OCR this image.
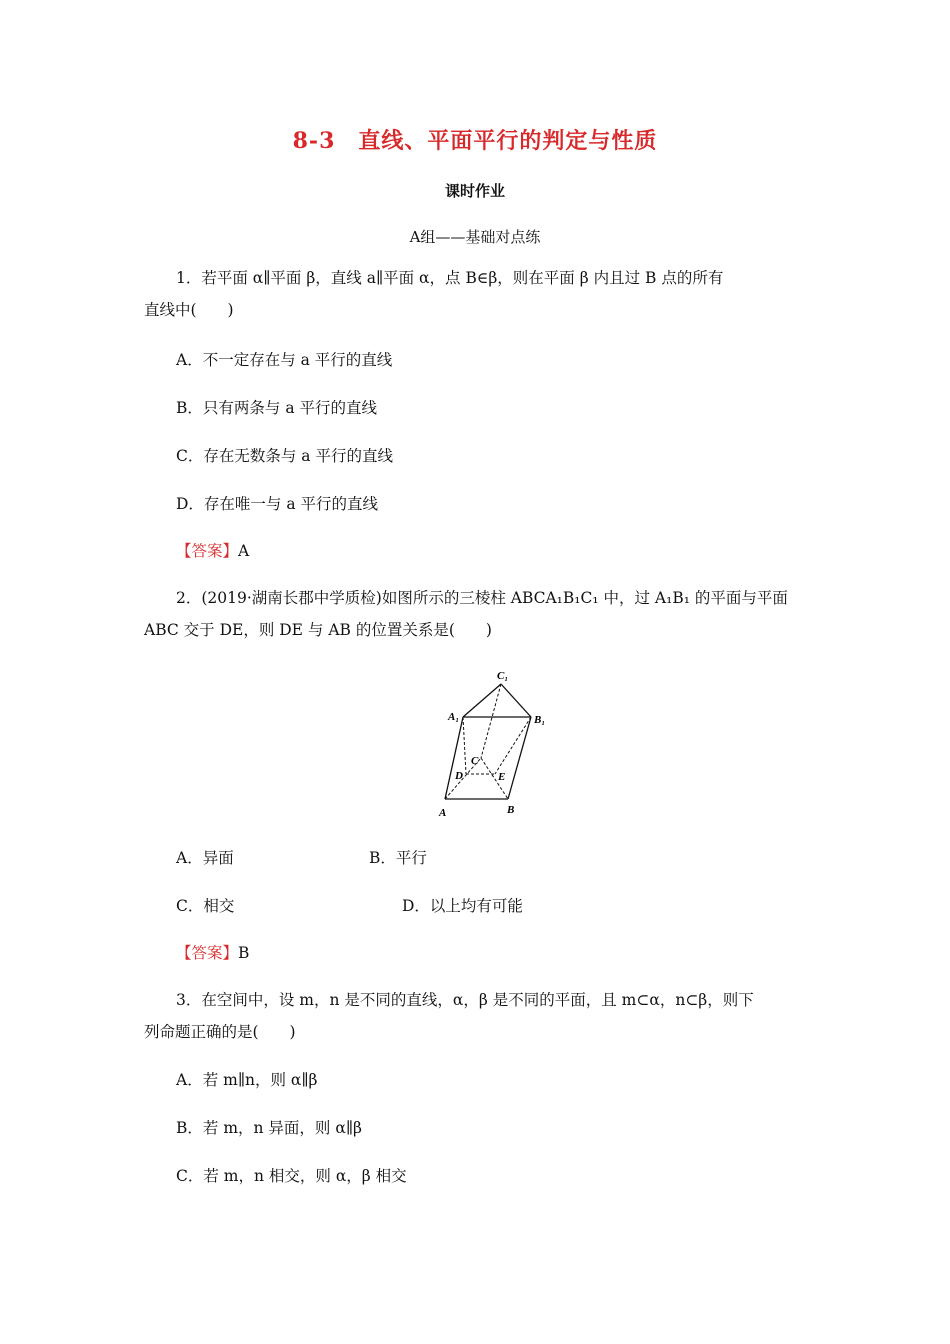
8-3　直线、平面平行的判定与性质
课时作业
A组——基础对点练
1．若平面 α∥平面 β，直线 a∥平面 α，点 B∈β，则在平面 β 内且过 B 点的所有
直线中(　　)
A．不一定存在与 a 平行的直线
B．只有两条与 a 平行的直线
C．存在无数条与 a 平行的直线
D．存在唯一与 a 平行的直线
【答案】A
2．(2019·湖南长郡中学质检)如图所示的三棱柱 ABCA₁B₁C₁ 中，过 A₁B₁ 的平面与平面
ABC 交于 DE，则 DE 与 AB 的位置关系是(　　)
C₁
A₁	B₁
C
D	E
A	B
A．异面	B．平行
C．相交	D．以上均有可能
【答案】B
3．在空间中，设 m，n 是不同的直线，α，β 是不同的平面，且 m⊂α，n⊂β，则下
列命题正确的是(　　)
A．若 m∥n，则 α∥β
B．若 m，n 异面，则 α∥β
C．若 m，n 相交，则 α，β 相交
